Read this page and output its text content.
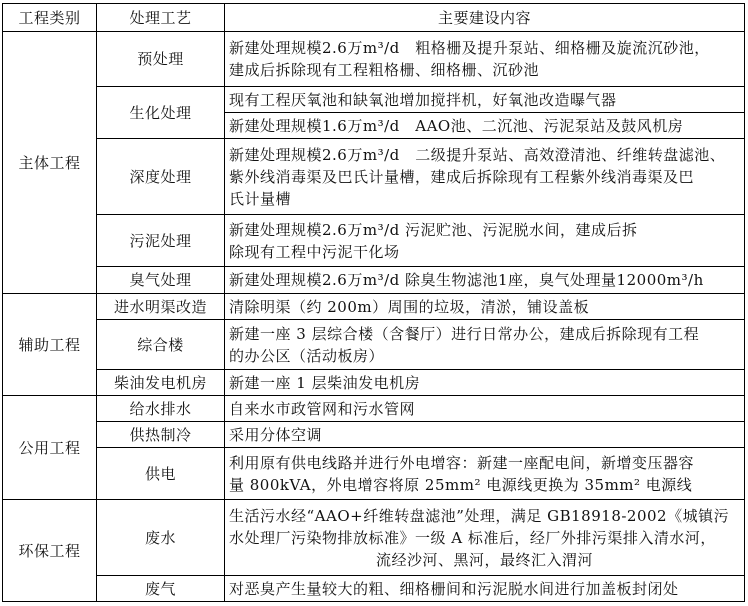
工程类别	处理工艺	主要建设内容
主体工程	预处理	新建处理规模2.6万m³/d　粗格栅及提升泵站、细格栅及旋流沉砂池，
建成后拆除现有工程粗格栅、细格栅、沉砂池

	生化处理	现有工程厌氧池和缺氧池增加搅拌机，好氧池改造曝气器

		新建处理规模1.6万m³/d　AAO池、二沉池、污泥泵站及鼓风机房

	深度处理	新建处理规模2.6万m³/d　二级提升泵站、高效澄清池、纤维转盘滤池、
紫外线消毒渠及巴氏计量槽，建成后拆除现有工程紫外线消毒渠及巴
氏计量槽

	污泥处理	新建处理规模2.6万m³/d 污泥贮池、污泥脱水间，建成后拆
除现有工程中污泥干化场

	臭气处理	新建处理规模2.6万m³/d 除臭生物滤池1座，臭气处理量12000m³/h

辅助工程	进水明渠改造	清除明渠（约 200m）周围的垃圾，清淤，铺设盖板

	综合楼	新建一座 3 层综合楼（含餐厅）进行日常办公，建成后拆除现有工程
的办公区（活动板房）

	柴油发电机房	新建一座 1 层柴油发电机房

公用工程	给水排水	自来水市政管网和污水管网

	供热制冷	采用分体空调

	供电	利用原有供电线路并进行外电增容：新建一座配电间，新增变压器容
量 800kVA，外电增容将原 25mm² 电源线更换为 35mm² 电源线

环保工程	废水	生活污水经“AAO+纤维转盘滤池”处理，满足 GB18918-2002《城镇污
水处理厂污染物排放标准》一级 A 标准后，经厂外排污渠排入清水河，
流经沙河、黑河，最终汇入渭河

	废气	对恶臭产生量较大的粗、细格栅间和污泥脱水间进行加盖板封闭处
